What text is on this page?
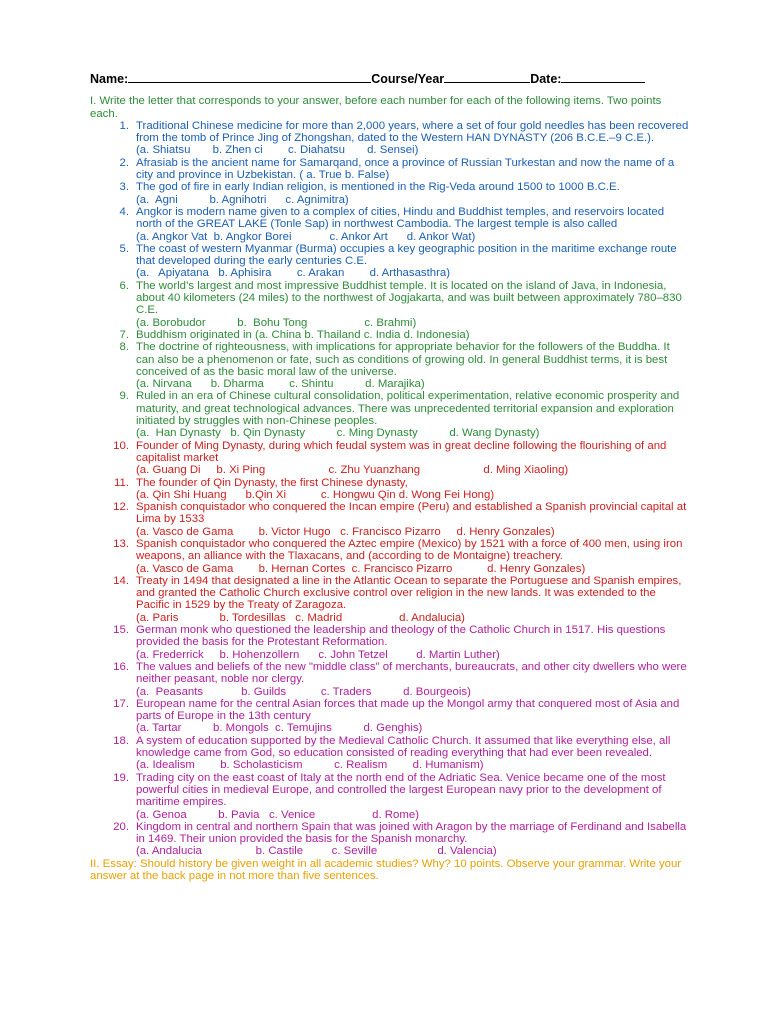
Name:	Course/Year	Date:
I. Write the letter that corresponds to your answer, before each number for each of the following items. Two points each.
1. Traditional Chinese medicine for more than 2,000 years, where a set of four gold needles has been recovered from the tomb of Prince Jing of Zhongshan, dated to the Western HAN DYNASTY (206 B.C.E.–9 C.E.).
(a. Shiatsu       b. Zhen ci        c. Diahatsu       d. Sensei)
2. Afrasiab is the ancient name for Samarqand, once a province of Russian Turkestan and now the name of a city and province in Uzbekistan. ( a. True b. False)
3. The god of fire in early Indian religion, is mentioned in the Rig-Veda around 1500 to 1000 B.C.E.
(a.  Agni          b. Agnihotri      c. Agnimitra)
4. Angkor is modern name given to a complex of cities, Hindu and Buddhist temples, and reservoirs located north of the GREAT LAKE (Tonle Sap) in northwest Cambodia. The largest temple is also called
(a. Angkor Vat  b. Angkor Borei            c. Ankor Art      d. Ankor Wat)
5. The coast of western Myanmar (Burma) occupies a key geographic position in the maritime exchange route that developed during the early centuries C.E.
(a.   Apiyatana   b. Aphisira        c. Arakan        d. Arthasasthra)
6. The world’s largest and most impressive Buddhist temple. It is located on the island of Java, in Indonesia, about 40 kilometers (24 miles) to the northwest of Jogjakarta, and was built between approximately 780–830 C.E.
(a. Borobudor          b.  Bohu Tong                  c. Brahmi)
7. Buddhism originated in (a. China b. Thailand c. India d. Indonesia)
8. The doctrine of righteousness, with implications for appropriate behavior for the followers of the Buddha. It can also be a phenomenon or fate, such as conditions of growing old. In general Buddhist terms, it is best conceived of as the basic moral law of the universe.
(a. Nirvana      b. Dharma        c. Shintu          d. Marajika)
9. Ruled in an era of Chinese cultural consolidation, political experimentation, relative economic prosperity and maturity, and great technological advances. There was unprecedented territorial expansion and exploration initiated by struggles with non-Chinese peoples.
(a.  Han Dynasty   b. Qin Dynasty          c. Ming Dynasty          d. Wang Dynasty)
10. Founder of Ming Dynasty, during which feudal system was in great decline following the flourishing of and capitalist market
(a. Guang Di     b. Xi Ping                    c. Zhu Yuanzhang                    d. Ming Xiaoling)
11. The founder of Qin Dynasty, the first Chinese dynasty,
(a. Qin Shi Huang      b.Qin Xi           c. Hongwu Qin d. Wong Fei Hong)
12. Spanish conquistador who conquered the Incan empire (Peru) and established a Spanish provincial capital at Lima by 1533
(a. Vasco de Gama        b. Victor Hugo   c. Francisco Pizarro     d. Henry Gonzales)
13. Spanish conquistador who conquered the Aztec empire (Mexico) by 1521 with a force of 400 men, using iron weapons, an alliance with the Tlaxacans, and (according to de Montaigne) treachery.
(a. Vasco de Gama        b. Hernan Cortes  c. Francisco Pizarro           d. Henry Gonzales)
14. Treaty in 1494 that designated a line in the Atlantic Ocean to separate the Portuguese and Spanish empires, and granted the Catholic Church exclusive control over religion in the new lands. It was extended to the Pacific in 1529 by the Treaty of Zaragoza.
(a. Paris             b. Tordesillas   c. Madrid                  d. Andalucia)
15. German monk who questioned the leadership and theology of the Catholic Church in 1517. His questions provided the basis for the Protestant Reformation.
(a. Frederrick     b. Hohenzollern      c. John Tetzel         d. Martin Luther)
16. The values and beliefs of the new "middle class" of merchants, bureaucrats, and other city dwellers who were neither peasant, noble nor clergy.
(a.  Peasants            b. Guilds           c. Traders          d. Bourgeois)
17. European name for the central Asian forces that made up the Mongol army that conquered most of Asia and parts of Europe in the 13th century
(a. Tartar          b. Mongols  c. Temujins          d. Genghis)
18. A system of education supported by the Medieval Catholic Church. It assumed that like everything else, all knowledge came from God, so education consisted of reading everything that had ever been revealed.
(a. Idealism        b. Scholasticism          c. Realism        d. Humanism)
19. Trading city on the east coast of Italy at the north end of the Adriatic Sea. Venice became one of the most powerful cities in medieval Europe, and controlled the largest European navy prior to the development of maritime empires.
(a. Genoa          b. Pavia   c. Venice                  d. Rome)
20. Kingdom in central and northern Spain that was joined with Aragon by the marriage of Ferdinand and Isabella in 1469. Their union provided the basis for the Spanish monarchy.
(a. Andalucia                 b. Castile         c. Seville                   d. Valencia)
II. Essay: Should history be given weight in all academic studies? Why? 10 points. Observe your grammar. Write your answer at the back page in not more than five sentences.
